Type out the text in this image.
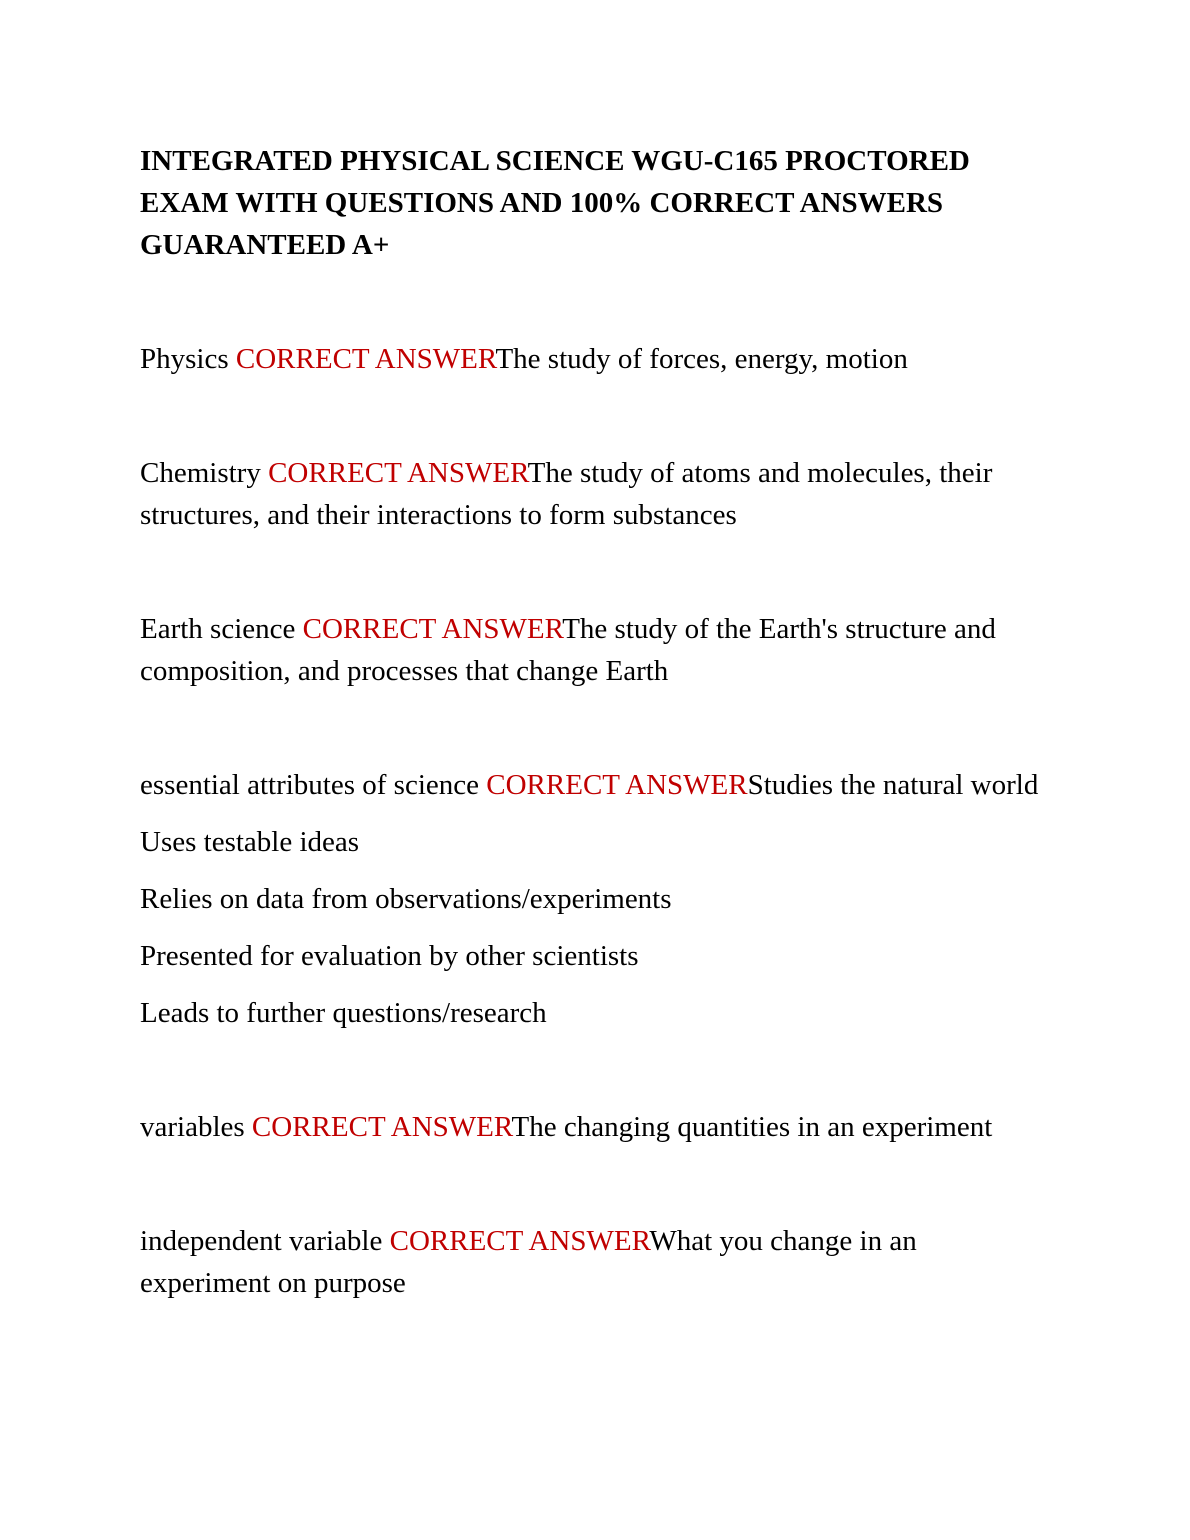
INTEGRATED PHYSICAL SCIENCE WGU-C165 PROCTORED EXAM WITH QUESTIONS AND 100% CORRECT ANSWERS GUARANTEED A+

Physics CORRECT ANSWERThe study of forces, energy, motion

Chemistry CORRECT ANSWERThe study of atoms and molecules, their structures, and their interactions to form substances

Earth science CORRECT ANSWERThe study of the Earth's structure and composition, and processes that change Earth

essential attributes of science CORRECT ANSWERStudies the natural world
Uses testable ideas
Relies on data from observations/experiments
Presented for evaluation by other scientists
Leads to further questions/research

variables CORRECT ANSWERThe changing quantities in an experiment

independent variable CORRECT ANSWERWhat you change in an experiment on purpose
